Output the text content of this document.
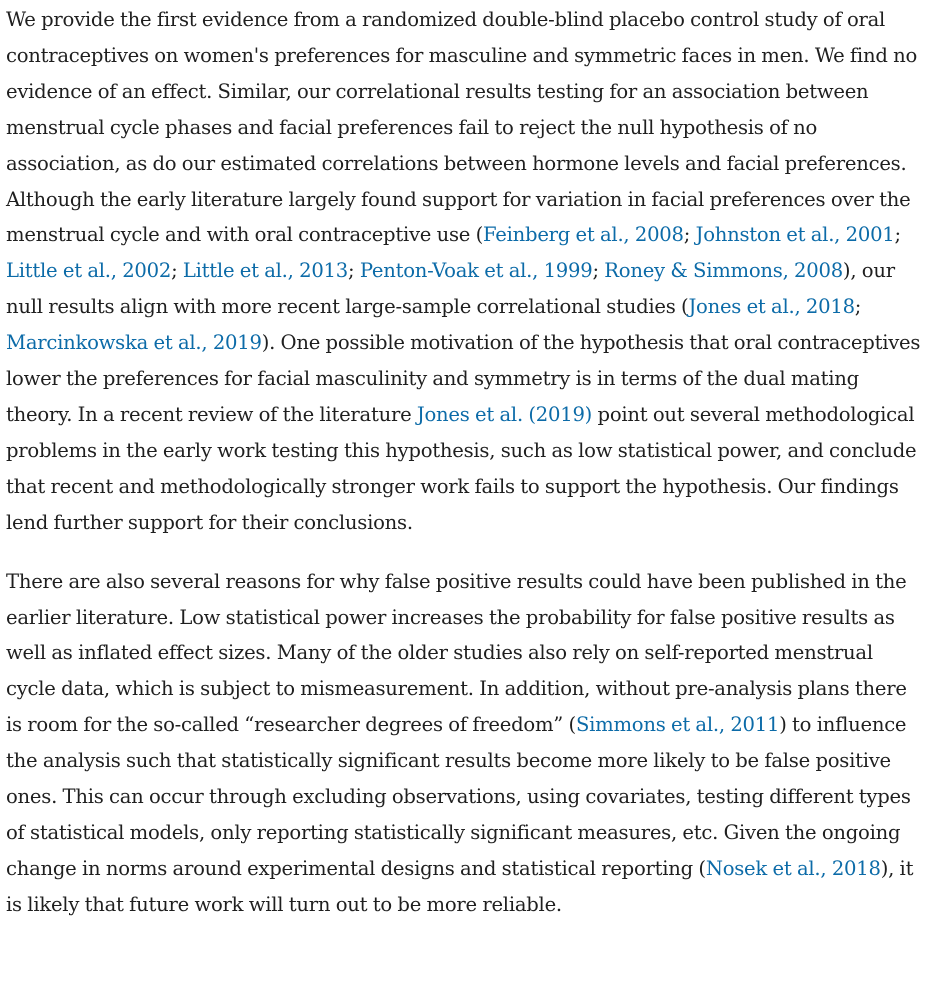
We provide the first evidence from a randomized double-blind placebo control study of oral contraceptives on women's preferences for masculine and symmetric faces in men. We find no evidence of an effect. Similar, our correlational results testing for an association between menstrual cycle phases and facial preferences fail to reject the null hypothesis of no association, as do our estimated correlations between hormone levels and facial preferences. Although the early literature largely found support for variation in facial preferences over the menstrual cycle and with oral contraceptive use (Feinberg et al., 2008; Johnston et al., 2001; Little et al., 2002; Little et al., 2013; Penton-Voak et al., 1999; Roney & Simmons, 2008), our null results align with more recent large-sample correlational studies (Jones et al., 2018; Marcinkowska et al., 2019). One possible motivation of the hypothesis that oral contraceptives lower the preferences for facial masculinity and symmetry is in terms of the dual mating theory. In a recent review of the literature Jones et al. (2019) point out several methodological problems in the early work testing this hypothesis, such as low statistical power, and conclude that recent and methodologically stronger work fails to support the hypothesis. Our findings lend further support for their conclusions.

There are also several reasons for why false positive results could have been published in the earlier literature. Low statistical power increases the probability for false positive results as well as inflated effect sizes. Many of the older studies also rely on self-reported menstrual cycle data, which is subject to mismeasurement. In addition, without pre-analysis plans there is room for the so-called “researcher degrees of freedom” (Simmons et al., 2011) to influence the analysis such that statistically significant results become more likely to be false positive ones. This can occur through excluding observations, using covariates, testing different types of statistical models, only reporting statistically significant measures, etc. Given the ongoing change in norms around experimental designs and statistical reporting (Nosek et al., 2018), it is likely that future work will turn out to be more reliable.
